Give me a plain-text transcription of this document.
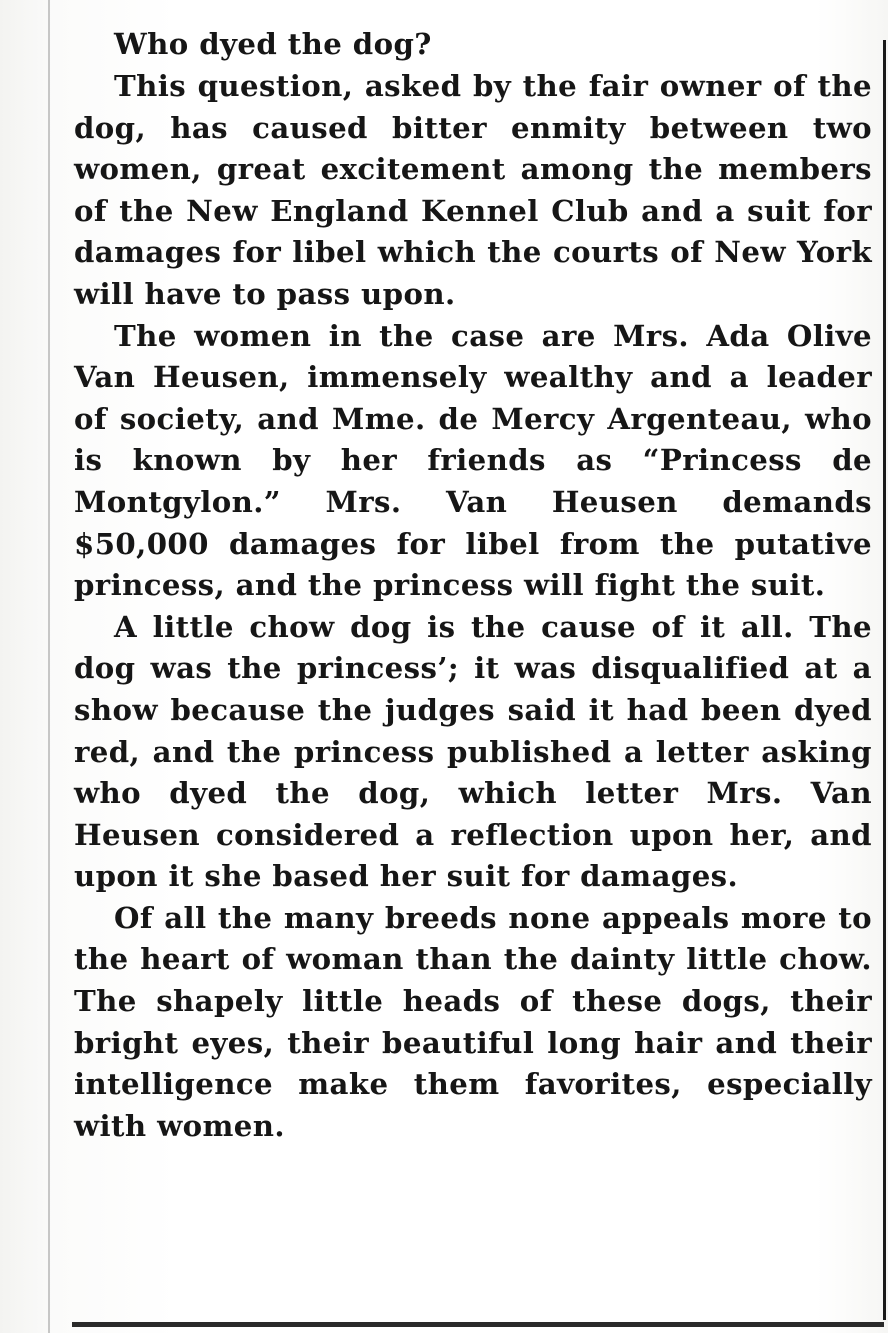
Who dyed the dog?

This question, asked by the fair owner of the dog, has caused bitter enmity between two women, great excitement among the members of the New England Kennel Club and a suit for damages for libel which the courts of New York will have to pass upon.

The women in the case are Mrs. Ada Olive Van Heusen, immensely wealthy and a leader of society, and Mme. de Mercy Argenteau, who is known by her friends as “Princess de Montgylon.” Mrs. Van Heusen demands $50,000 damages for libel from the putative princess, and the princess will fight the suit.

A little chow dog is the cause of it all. The dog was the princess’; it was disqualified at a show because the judges said it had been dyed red, and the princess published a letter asking who dyed the dog, which letter Mrs. Van Heusen considered a reflection upon her, and upon it she based her suit for damages.

Of all the many breeds none appeals more to the heart of woman than the dainty little chow. The shapely little heads of these dogs, their bright eyes, their beautiful long hair and their intelligence make them favorites, especially with women.
